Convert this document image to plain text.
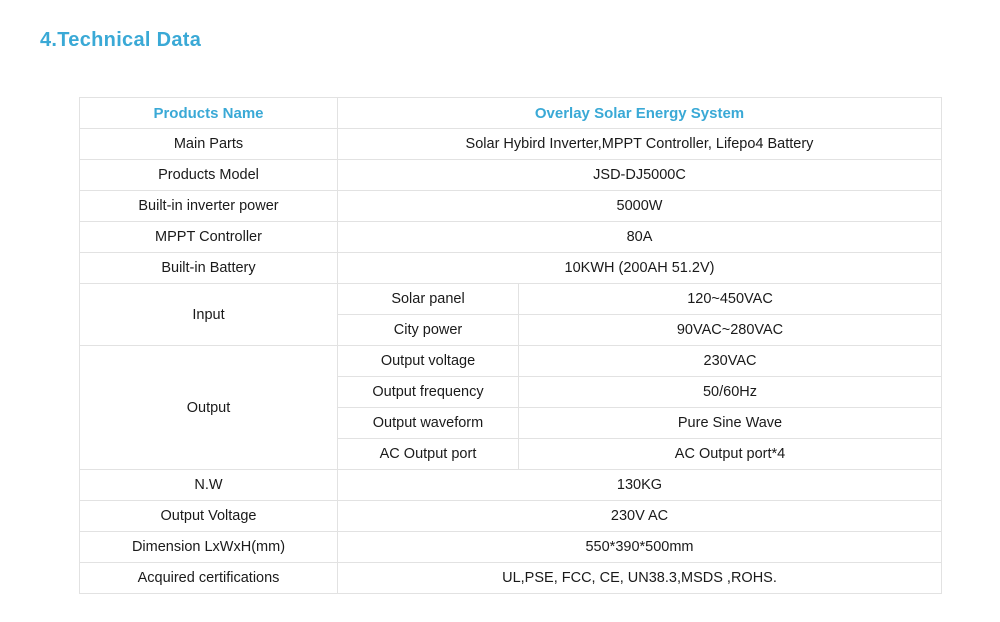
4.Technical Data
Products Name	Overlay Solar Energy System	
Main Parts	Solar Hybird Inverter,MPPT Controller, Lifepo4 Battery	
Products Model	JSD-DJ5000C	
Built-in inverter power	5000W	
MPPT Controller	80A	
Built-in Battery	10KWH (200AH 51.2V)	
Input	Solar panel	120~450VAC
	City power	90VAC~280VAC
Output	Output voltage	230VAC
	Output frequency	50/60Hz
	Output waveform	Pure Sine Wave
	AC Output port	AC Output port*4
N.W	130KG	
Output Voltage	230V AC	
Dimension LxWxH(mm)	550*390*500mm	
Acquired certifications	UL,PSE, FCC, CE, UN38.3,MSDS ,ROHS.	
